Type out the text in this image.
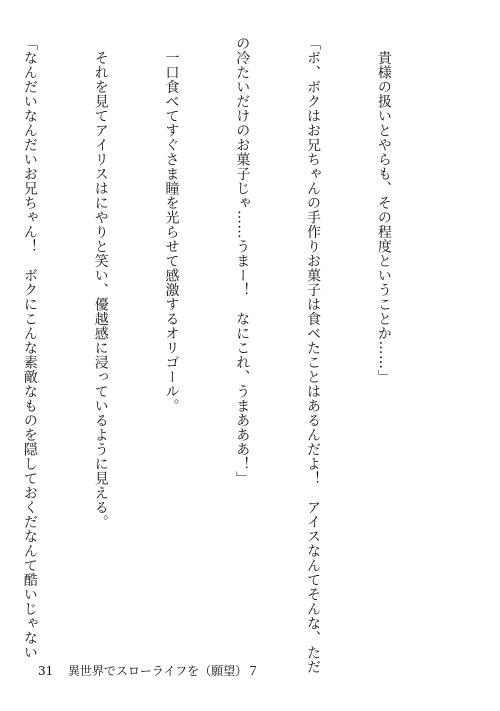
　貴様の扱いとやらも、その程度ということか……」

「ボ、ボクはお兄ちゃんの手作りお菓子は食べたことはあるんだよ！　アイスなんてそんな、ただ

の冷たいだけのお菓子じゃ……うまー！　なにこれ、うまあああ！」

　一口食べてすぐさま瞳を光らせて感激するオリゴール。

　それを見てアイリスはにやりと笑い、優越感に浸っているように見える。

「なんだいなんだいお兄ちゃん！　ボクにこんな素敵なものを隠しておくだなんて酷いじゃない

31 異世界でスローライフを（願望）７
